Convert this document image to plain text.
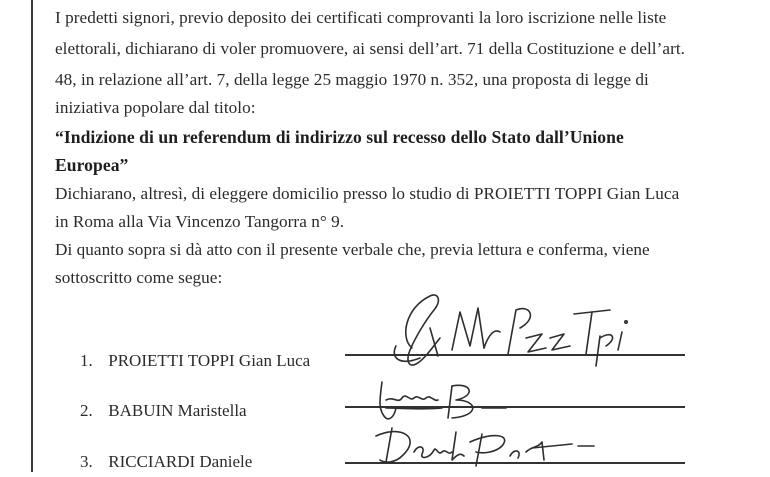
I predetti signori, previo deposito dei certificati comprovanti la loro iscrizione nelle liste
elettorali, dichiarano di voler promuovere, ai sensi dell’art. 71 della Costituzione e dell’art.
48, in relazione all’art. 7, della legge 25 maggio 1970 n. 352, una proposta di legge di
iniziativa popolare dal titolo:
“Indizione di un referendum di indirizzo sul recesso dello Stato dall’Unione
Europea”
Dichiarano, altresì, di eleggere domicilio presso lo studio di PROIETTI TOPPI Gian Luca
in Roma alla Via Vincenzo Tangorra n° 9.
Di quanto sopra si dà atto con il presente verbale che, previa lettura e conferma, viene
sottoscritto come segue:
1. PROIETTI TOPPI Gian Luca
2. BABUIN Maristella
3. RICCIARDI Daniele
